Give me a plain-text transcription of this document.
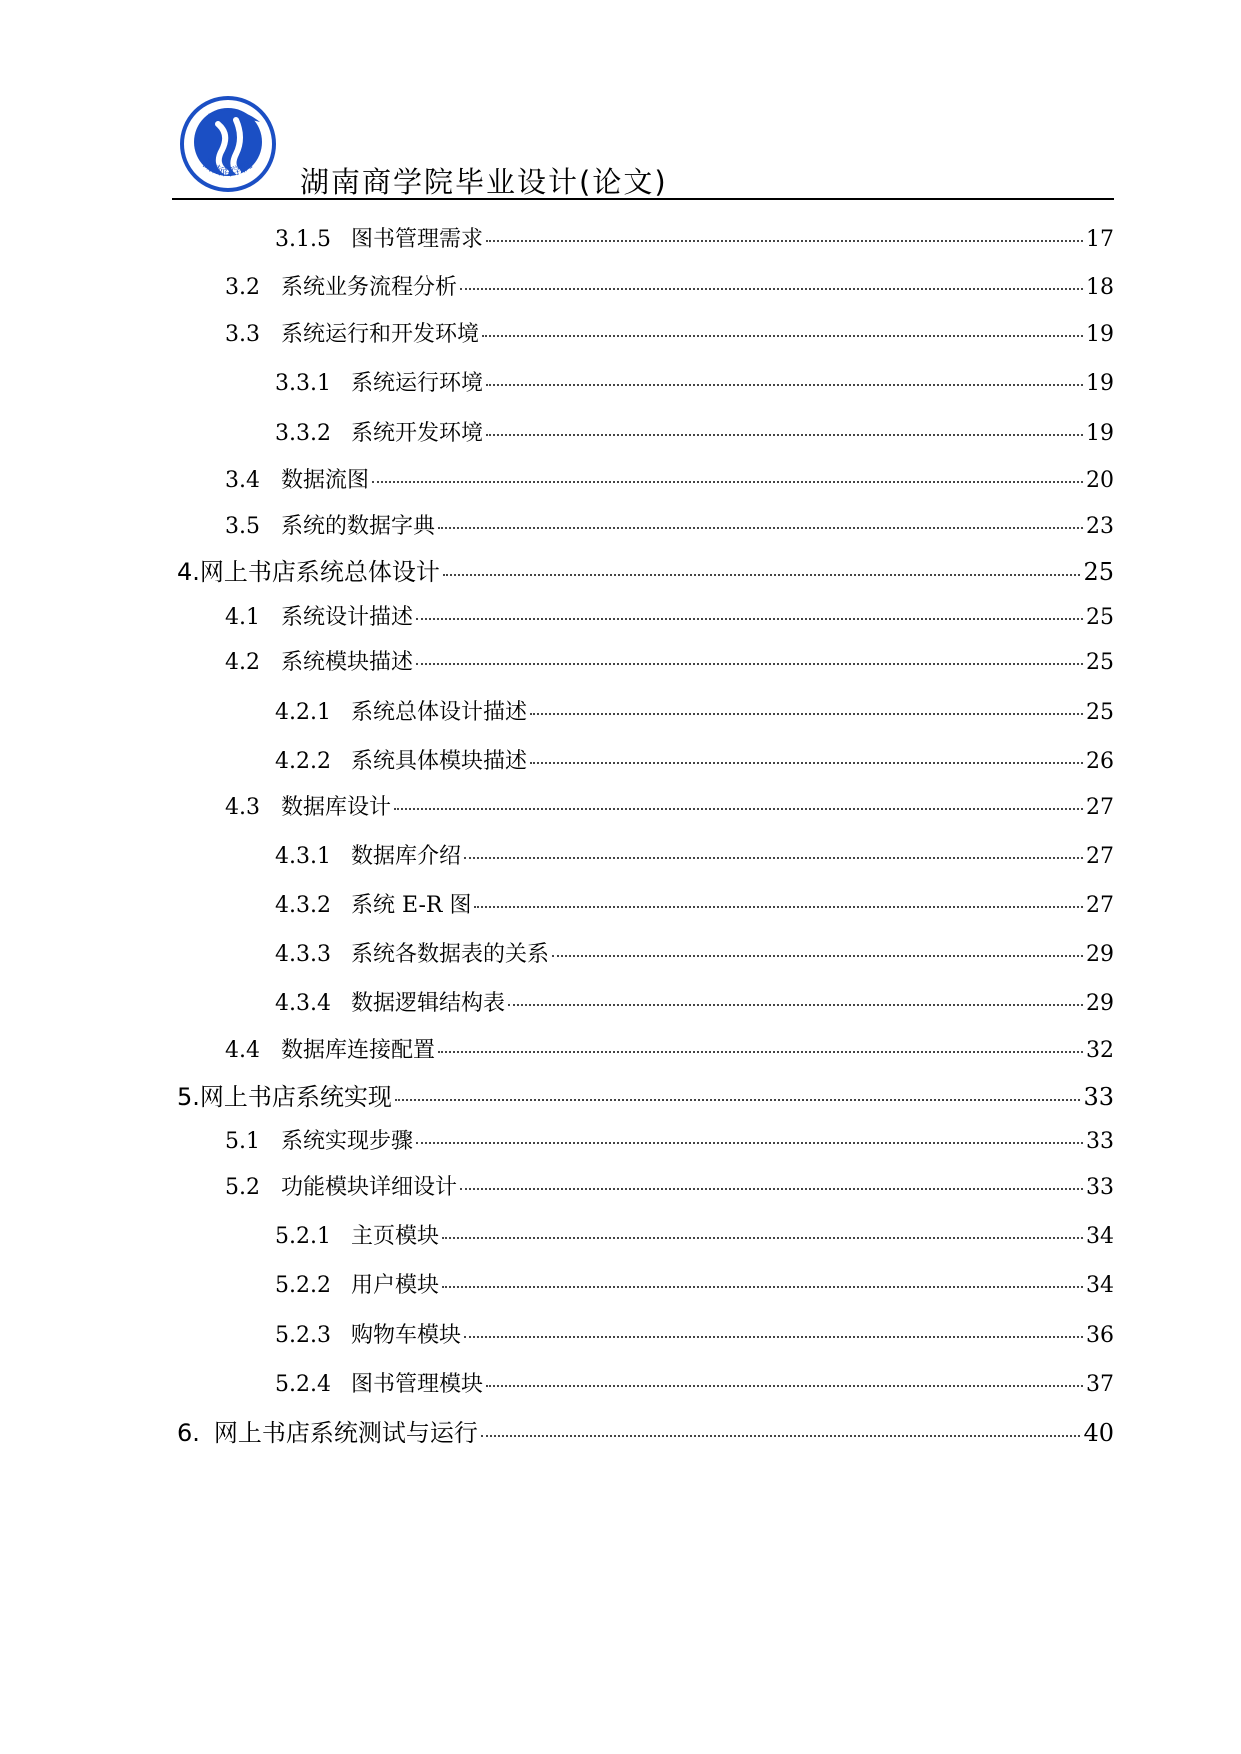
湖南商学院 湖南商学院毕业设计(论文)
3.1.5 图书管理需求	17
3.2 系统业务流程分析	18
3.3 系统运行和开发环境	19
3.3.1 系统运行环境	19
3.3.2 系统开发环境	19
3.4 数据流图	20
3.5 系统的数据字典	23
4. 网上书店系统总体设计	25
4.1 系统设计描述	25
4.2 系统模块描述	25
4.2.1 系统总体设计描述	25
4.2.2 系统具体模块描述	26
4.3 数据库设计	27
4.3.1 数据库介绍	27
4.3.2 系统 E-R 图	27
4.3.3 系统各数据表的关系	29
4.3.4 数据逻辑结构表	29
4.4 数据库连接配置	32
5. 网上书店系统实现	33
5.1 系统实现步骤	33
5.2 功能模块详细设计	33
5.2.1 主页模块	34
5.2.2 用户模块	34
5.2.3 购物车模块	36
5.2.4 图书管理模块	37
6. 网上书店系统测试与运行	40
